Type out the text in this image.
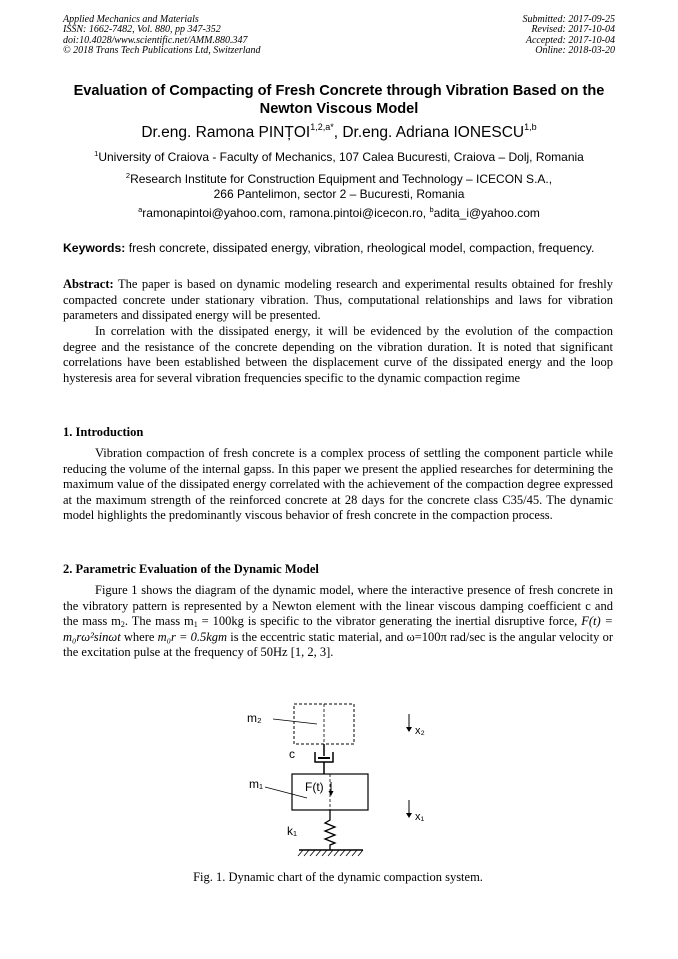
Applied Mechanics and Materials
ISSN: 1662-7482, Vol. 880, pp 347-352
doi:10.4028/www.scientific.net/AMM.880.347
© 2018 Trans Tech Publications Ltd, Switzerland
Submitted: 2017-09-25
Revised: 2017-10-04
Accepted: 2017-10-04
Online: 2018-03-20
Evaluation of Compacting of Fresh Concrete through Vibration Based on the Newton Viscous Model
Dr.eng. Ramona $PINȚOI^{1,2,a*}$, Dr.eng. Adriana IONESCU$^{1,b}$
$^1$University of Craiova - Faculty of Mechanics, 107 Calea Bucuresti, Craiova – Dolj, Romania
$^2$Research Institute for Construction Equipment and Technology – ICECON S.A.,
266 Pantelimon, sector 2 – Bucuresti, Romania
$^a$ramonapintoi@yahoo.com, ramona.pintoi@icecon.ro, $^b$adita_i@yahoo.com
Keywords: fresh concrete, dissipated energy, vibration, rheological model, compaction, frequency.
Abstract: The paper is based on dynamic modeling research and experimental results obtained for freshly compacted concrete under stationary vibration. Thus, computational relationships and laws for vibration parameters and dissipated energy will be presented.
In correlation with the dissipated energy, it will be evidenced by the evolution of the compaction degree and the resistance of the concrete depending on the vibration duration. It is noted that significant correlations have been established between the displacement curve of the dissipated energy and the loop hysteresis area for several vibration frequencies specific to the dynamic compaction regime
1. Introduction
Vibration compaction of fresh concrete is a complex process of settling the component particle while reducing the volume of the internal gapss. In this paper we present the applied researches for determining the maximum value of the dissipated energy correlated with the achievement of the compaction degree expressed at the maximum strength of the reinforced concrete at 28 days for the concrete class C35/45. The dynamic model highlights the predominantly viscous behavior of fresh concrete in the compaction process.
2. Parametric Evaluation of the Dynamic Model
Figure 1 shows the diagram of the dynamic model, where the interactive presence of fresh concrete in the vibratory pattern is represented by a Newton element with the linear viscous damping coefficient c and the mass $m_2$. The mass $m_1 = 100kg$ is specific to the vibrator generating the inertial disruptive force, F(t) = m₀rω²sinωt where m₀r = 0.5kgm is the eccentric static material, and ω=100π rad/sec is the angular velocity or the excitation pulse at the frequency of 50Hz [1, 2, 3].
m₂
x₂
c
m₁	F(t)
x₁
k₁
Fig. 1. Dynamic chart of the dynamic compaction system.
